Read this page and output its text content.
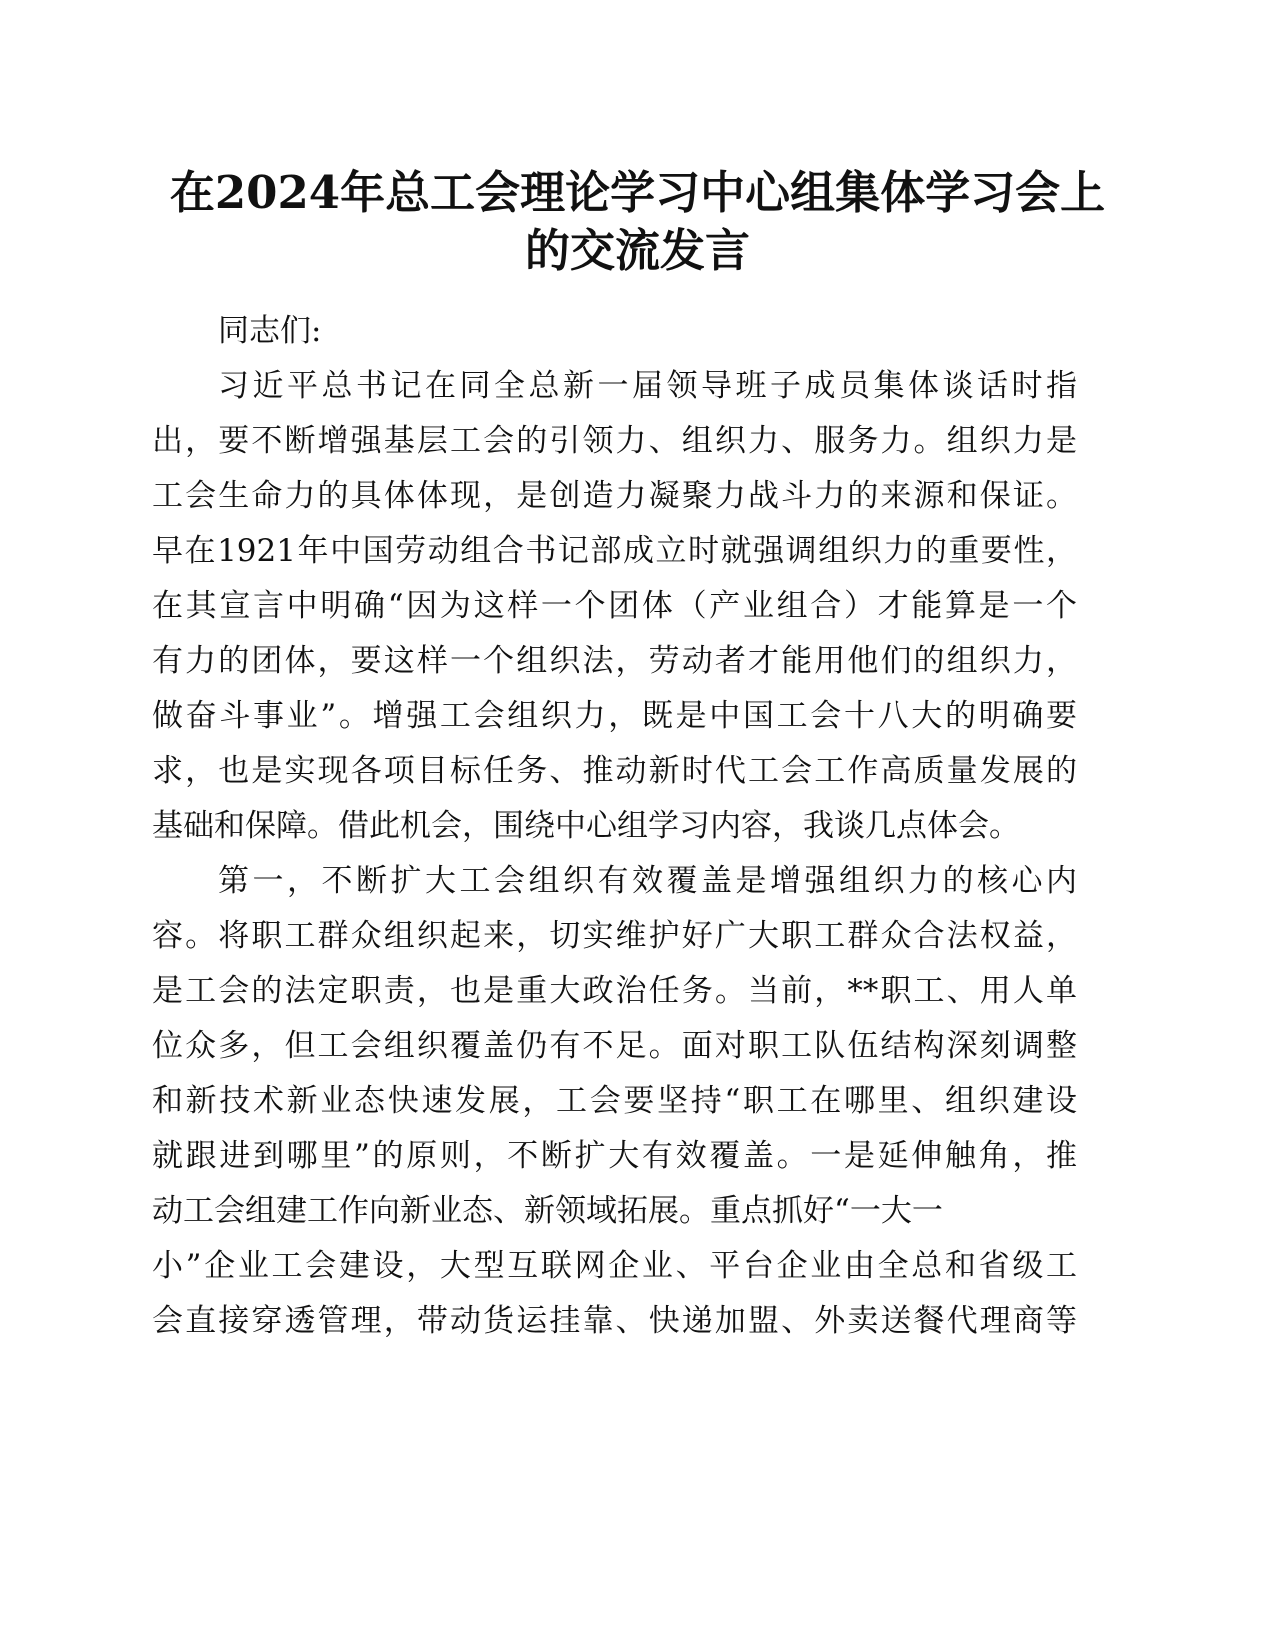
在2024年总工会理论学习中心组集体学习会上
的交流发言

同志们:

习近平总书记在同全总新一届领导班子成员集体谈话时指

出，要不断增强基层工会的引领力、组织力、服务力。组织力是

工会生命力的具体体现，是创造力凝聚力战斗力的来源和保证。

早在1921年中国劳动组合书记部成立时就强调组织力的重要性，

在其宣言中明确“因为这样一个团体（产业组合）才能算是一个

有力的团体，要这样一个组织法，劳动者才能用他们的组织力，

做奋斗事业”。增强工会组织力，既是中国工会十八大的明确要

求，也是实现各项目标任务、推动新时代工会工作高质量发展的

基础和保障。借此机会，围绕中心组学习内容，我谈几点体会。

第一，不断扩大工会组织有效覆盖是增强组织力的核心内

容。将职工群众组织起来，切实维护好广大职工群众合法权益，

是工会的法定职责，也是重大政治任务。当前，**职工、用人单

位众多，但工会组织覆盖仍有不足。面对职工队伍结构深刻调整

和新技术新业态快速发展，工会要坚持“职工在哪里、组织建设

就跟进到哪里”的原则，不断扩大有效覆盖。一是延伸触角，推

动工会组建工作向新业态、新领域拓展。重点抓好“一大一

小”企业工会建设，大型互联网企业、平台企业由全总和省级工

会直接穿透管理，带动货运挂靠、快递加盟、外卖送餐代理商等
